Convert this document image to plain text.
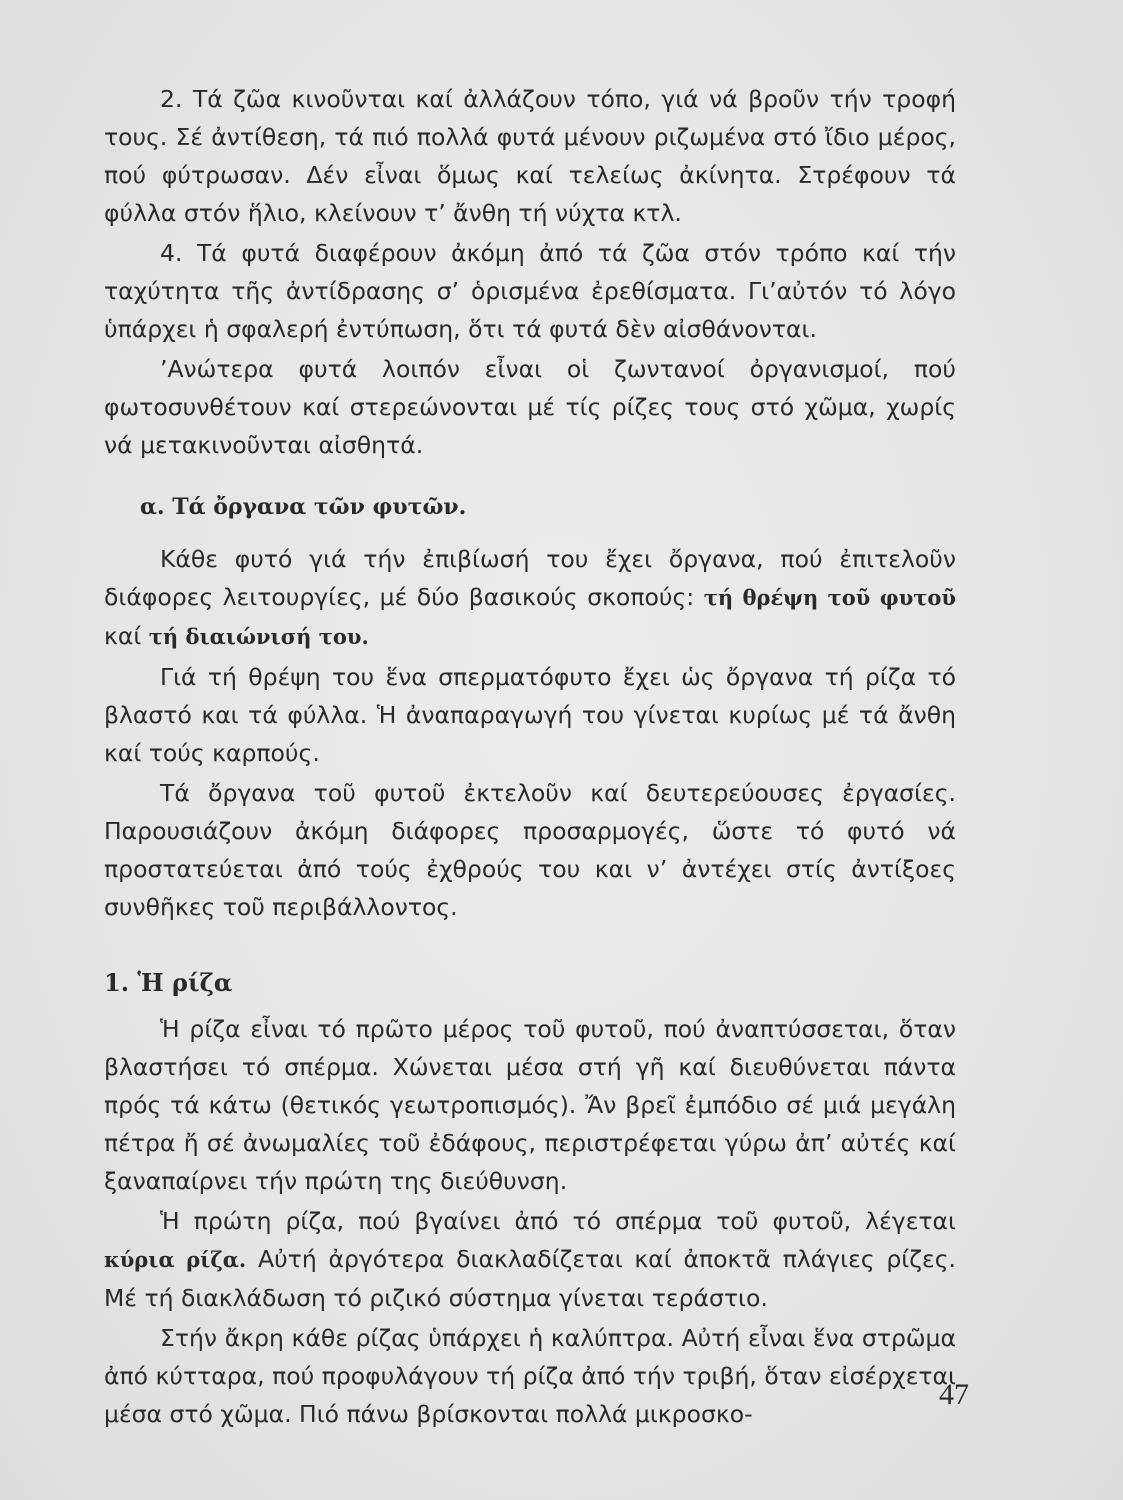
2. Τά ζῶα κινοῦνται καί ἀλλάζουν τόπο, γιά νά βροῦν τήν τροφή τους. Σέ ἀντίθεση, τά πιό πολλά φυτά μένουν ριζωμένα στό ἴδιο μέρος, πού φύτρωσαν. Δέν εἶναι ὅμως καί τελείως ἀκίνητα. Στρέφουν τά φύλλα στόν ἥλιο, κλείνουν τ’ ἄνθη τή νύχτα κτλ.

4. Τά φυτά διαφέρουν ἀκόμη ἀπό τά ζῶα στόν τρόπο καί τήν ταχύτητα τῆς ἀντίδρασης σ’ ὁρισμένα ἐρεθίσματα. Γι’αὐτόν τό λόγο ὑπάρχει ἡ σφαλερή ἐντύπωση, ὅτι τά φυτά δὲν αἰσθάνονται.

’Ανώτερα φυτά λοιπόν εἶναι οἱ ζωντανοί ὀργανισμοί, πού φωτοσυνθέτουν καί στερεώνονται μέ τίς ρίζες τους στό χῶμα, χωρίς νά μετακινοῦνται αἰσθητά.

α. Τά ὄργανα τῶν φυτῶν.

Κάθε φυτό γιά τήν ἐπιβίωσή του ἔχει ὄργανα, πού ἐπιτελοῦν διάφορες λειτουργίες, μέ δύο βασικούς σκοπούς: τή θρέψη τοῦ φυτοῦ καί τή διαιώνισή του.

Γιά τή θρέψη του ἕνα σπερματόφυτο ἔχει ὡς ὄργανα τή ρίζα τό βλαστό και τά φύλλα. Ἡ ἀναπαραγωγή του γίνεται κυρίως μέ τά ἄνθη καί τούς καρπούς.

Τά ὄργανα τοῦ φυτοῦ ἐκτελοῦν καί δευτερεύουσες ἐργασίες. Παρουσιάζουν ἀκόμη διάφορες προσαρμογές, ὥστε τό φυτό νά προστατεύεται ἀπό τούς ἐχθρούς του και ν’ ἀντέχει στίς ἀντίξοες συνθῆκες τοῦ περιβάλλοντος.

1. Ἡ ρίζα

Ἡ ρίζα εἶναι τό πρῶτο μέρος τοῦ φυτοῦ, πού ἀναπτύσσεται, ὅταν βλαστήσει τό σπέρμα. Χώνεται μέσα στή γῆ καί διευθύνεται πάντα πρός τά κάτω (θετικός γεωτροπισμός). Ἄν βρεῖ ἐμπόδιο σέ μιά μεγάλη πέτρα ἤ σέ ἀνωμαλίες τοῦ ἐδάφους, περιστρέφεται γύρω ἀπ’ αὐτές καί ξαναπαίρνει τήν πρώτη της διεύθυνση.

Ἡ πρώτη ρίζα, πού βγαίνει ἀπό τό σπέρμα τοῦ φυτοῦ, λέγεται κύρια ρίζα. Αὐτή ἀργότερα διακλαδίζεται καί ἀποκτᾶ πλάγιες ρίζες. Μέ τή διακλάδωση τό ριζικό σύστημα γίνεται τεράστιο.

Στήν ἄκρη κάθε ρίζας ὑπάρχει ἡ καλύπτρα. Αὐτή εἶναι ἕνα στρῶμα ἀπό κύτταρα, πού προφυλάγουν τή ρίζα ἀπό τήν τριβή, ὅταν εἰσέρχεται μέσα στό χῶμα. Πιό πάνω βρίσκονται πολλά μικροσκο-

47
